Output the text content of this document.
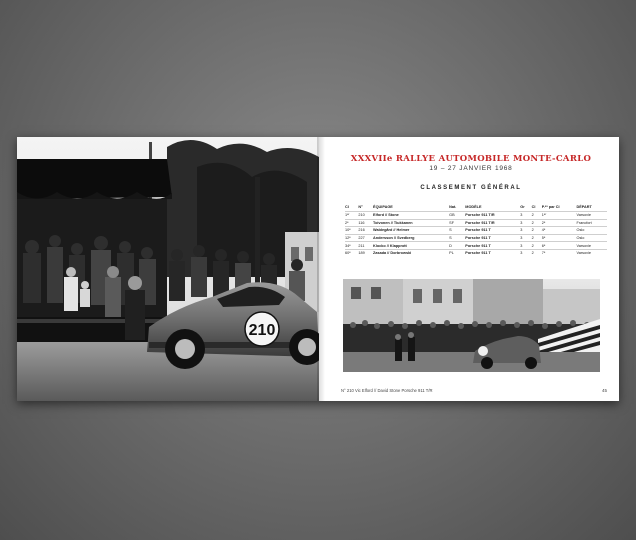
210
XXXVIIe RALLYE AUTOMOBILE MONTE-CARLO
19 – 27 JANVIER 1968
CLASSEMENT GÉNÉRAL
Cl	N°	ÉQUIPAGE	Nat.	MODÈLE	Gr	Cl	P.ᵉˢ par Cl	DÉPART
1ᵉʳ	210	Elford // Stone	GB	Porsche 911 T/R	3	2	1ᵉʳ	Varsovie
2ᵉ	116	Toivonen // Tiukkanen	SF	Porsche 911 T/R	3	2	2ᵉ	Francfort
10ᵉ	216	Waldegård // Helmer	S	Porsche 911 T	3	2	4ᵉ	Oslo
12ᵉ	227	Andersson // Svedberg	S	Porsche 911 T	3	2	5ᵉ	Oslo
34ᵉ	211	Klocko // Klapprott	D	Porsche 911 T	3	2	6ᵉ	Varsovie
60ᵉ	189	Zasada // Dorbrowski	PL	Porsche 911 T	3	2	7ᵉ	Varsovie
N° 210 Vic Elford // David Stone Porsche 911 T/R	45
